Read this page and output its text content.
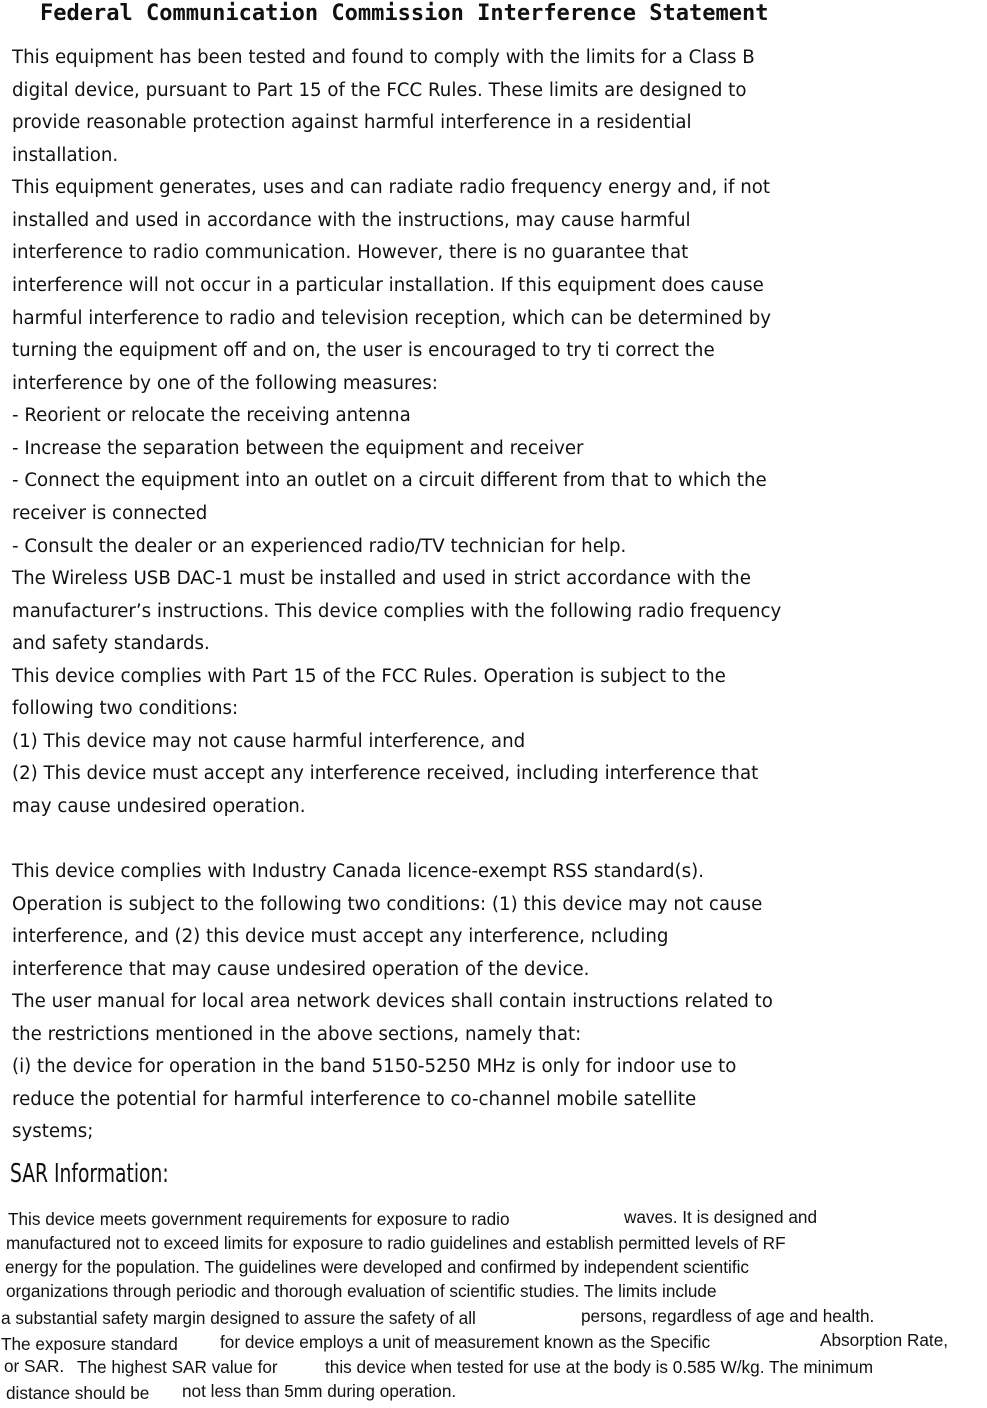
Federal Communication Commission Interference Statement
This equipment has been tested and found to comply with the limits for a Class B
digital device, pursuant to Part 15 of the FCC Rules. These limits are designed to
provide reasonable protection against harmful interference in a residential
installation.
This equipment generates, uses and can radiate radio frequency energy and, if not
installed and used in accordance with the instructions, may cause harmful
interference to radio communication. However, there is no guarantee that
interference will not occur in a particular installation. If this equipment does cause
harmful interference to radio and television reception, which can be determined by
turning the equipment off and on, the user is encouraged to try ti correct the
interference by one of the following measures:
- Reorient or relocate the receiving antenna
- Increase the separation between the equipment and receiver
- Connect the equipment into an outlet on a circuit different from that to which the
receiver is connected
- Consult the dealer or an experienced radio/TV technician for help.
The Wireless USB DAC-1 must be installed and used in strict accordance with the
manufacturer’s instructions. This device complies with the following radio frequency
and safety standards.
This device complies with Part 15 of the FCC Rules. Operation is subject to the
following two conditions:
(1) This device may not cause harmful interference, and
(2) This device must accept any interference received, including interference that
may cause undesired operation.
This device complies with Industry Canada licence-exempt RSS standard(s).
Operation is subject to the following two conditions: (1) this device may not cause
interference, and (2) this device must accept any interference, ncluding
interference that may cause undesired operation of the device.
The user manual for local area network devices shall contain instructions related to
the restrictions mentioned in the above sections, namely that:
(i) the device for operation in the band 5150-5250 MHz is only for indoor use to
reduce the potential for harmful interference to co-channel mobile satellite
systems;
SAR Information:
This device meets government requirements for exposure to radio	waves. It is designed and
manufactured not to exceed limits for exposure to radio guidelines and establish permitted levels of RF
energy for the population. The guidelines were developed and confirmed by independent scientific
organizations through periodic and thorough evaluation of scientific studies. The limits include
a substantial safety margin designed to assure the safety of all	persons, regardless of age and health.
The exposure standard for device employs a unit of measurement known as the Specific	Absorption Rate,
or SAR. The highest SAR value for	this device when tested for use at the body is 0.585 W/kg. The minimum
distance should be not less than 5mm during operation.
